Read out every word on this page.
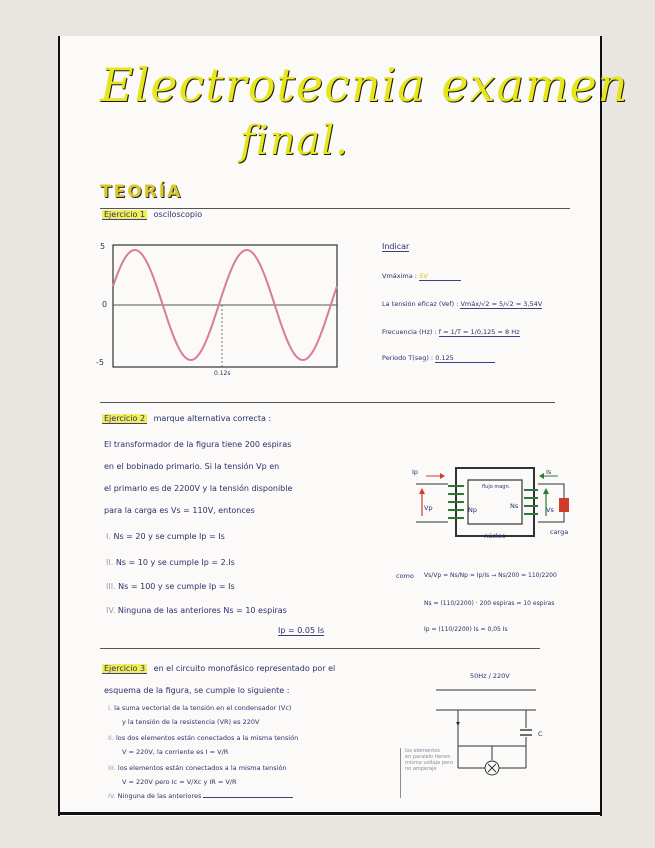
Electrotecnia examen
final.
TEORÍA
Ejercicio 1 osciloscopio
5
0
-5
0.12s
Indicar
Vmáxima : 5V
La tensión eficaz (Vef) : Vmáx/√2 = 5/√2 = 3,54V
Frecuencia (Hz) : f = 1/T = 1/0,125 = 8 Hz
Periodo T(seg) : 0.125
Ejercicio 2 marque alternativa correcta :
El transformador de la figura tiene 200 espiras
en el bobinado primario. Si la tensión Vp en
el primario es de 2200V y la tensión disponible
para la carga es Vs = 110V, entonces
I. Ns = 20 y se cumple Ip = Is
II. Ns = 10 y se cumple Ip = 2.Is
III. Ns = 100 y se cumple Ip = Is
IV. Ninguna de las anteriores Ns = 10 espiras
Ip = 0.05 Is
Ip	Is
Vp	Np	Ns	Vs
flujo magn.
núcleo	carga
como Vs/Vp = Ns/Np = Ip/Is → Ns/200 = 110/2200
Ns = (110/2200) · 200 espiras = 10 espiras
Ip = (110/2200) Is = 0,05 Is
Ejercicio 3 en el circuito monofásico representado por el
esquema de la figura, se cumple lo siguiente :
I. la suma vectorial de la tensión en el condensador (Vc)
y la tensión de la resistencia (VR) es 220V
II. los dos elementos están conectados a la misma tensión
V = 220V, la corriente es I = V/R
III. los elementos están conectados a la misma tensión
V = 220V pero Ic = V/Xc y IR = V/R
IV. Ninguna de las anteriores
50Hz / 220V
C
los elementos
en paralelo tienen
misma voltaje pero
no amperaje
